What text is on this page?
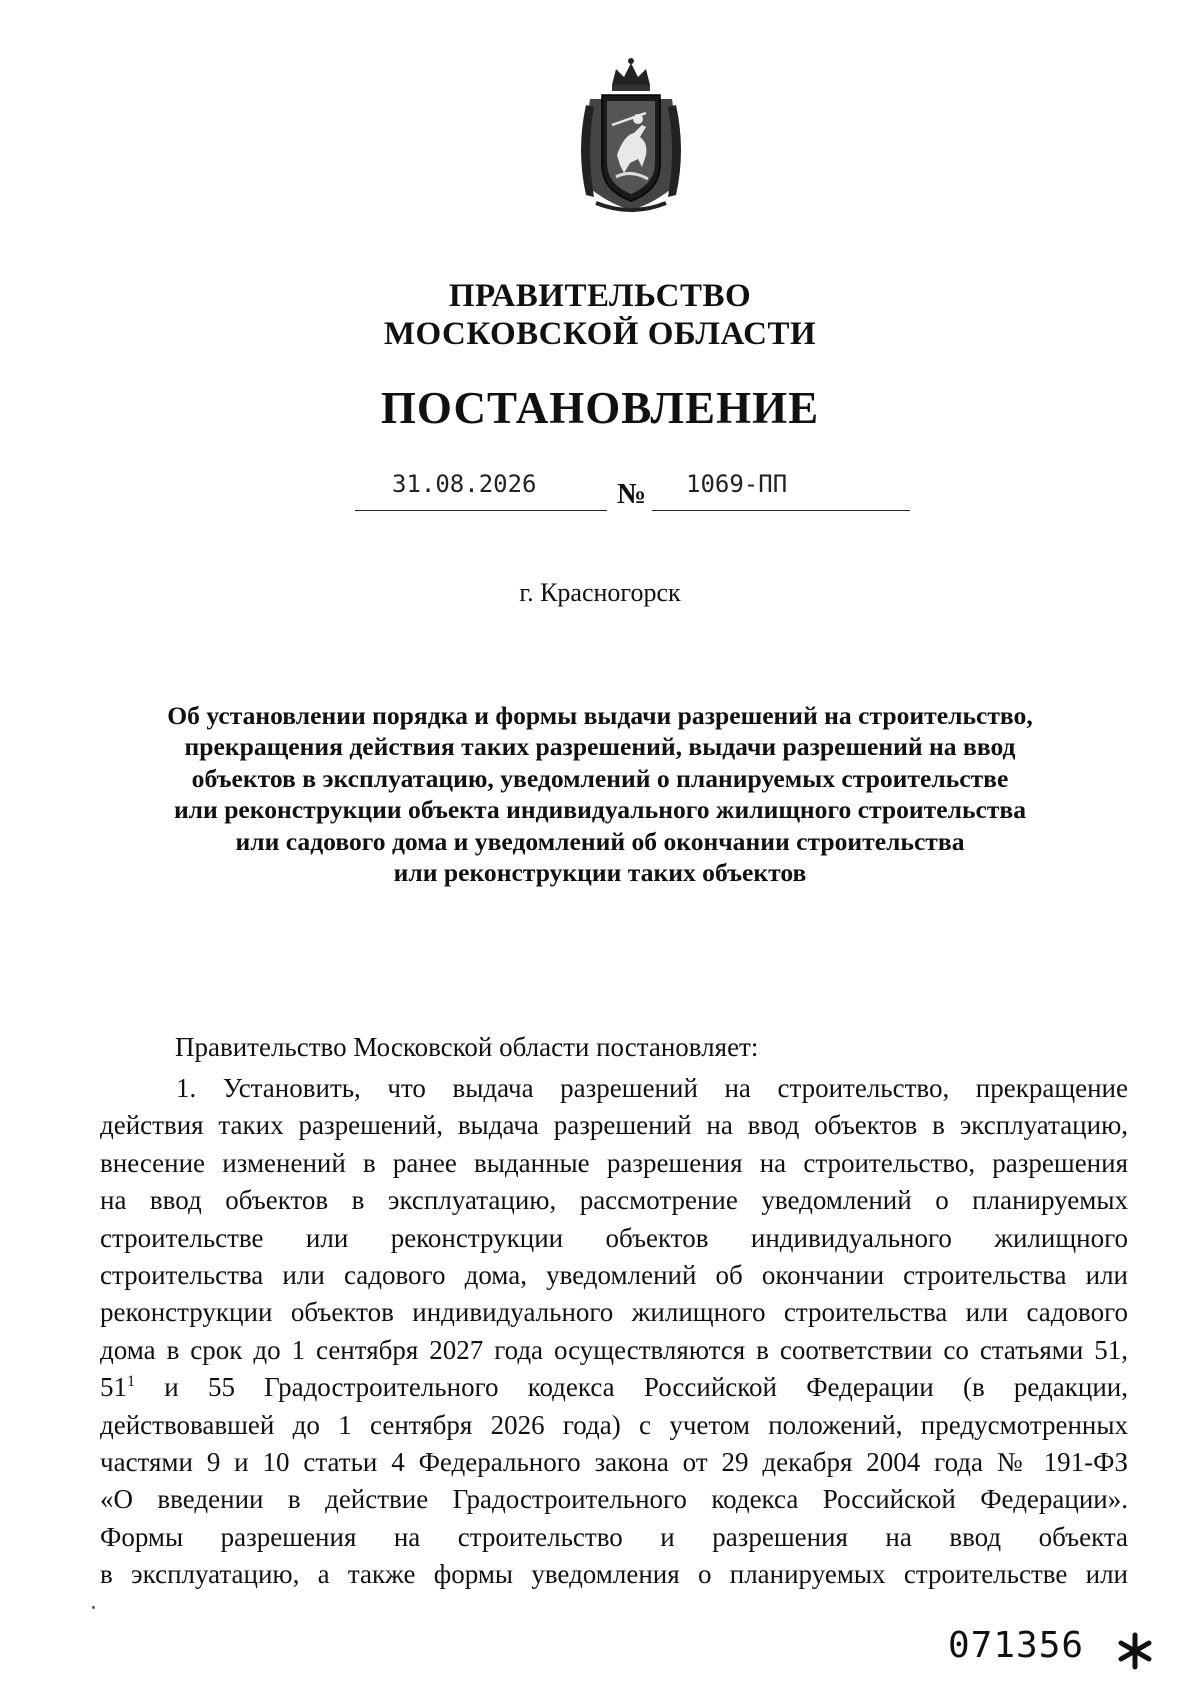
ПРАВИТЕЛЬСТВО
МОСКОВСКОЙ ОБЛАСТИ
ПОСТАНОВЛЕНИЕ
31.08.2026	№ 1069-ПП
г. Красногорск
Об установлении порядка и формы выдачи разрешений на строительство,
прекращения действия таких разрешений, выдачи разрешений на ввод
объектов в эксплуатацию, уведомлений о планируемых строительстве
или реконструкции объекта индивидуального жилищного строительства
или садового дома и уведомлений об окончании строительства
или реконструкции таких объектов
Правительство Московской области постановляет:
1. Установить, что выдача разрешений на строительство, прекращение
действия таких разрешений, выдача разрешений на ввод объектов в эксплуатацию,
внесение изменений в ранее выданные разрешения на строительство, разрешения
на ввод объектов в эксплуатацию, рассмотрение уведомлений о планируемых
строительстве или реконструкции объектов индивидуального жилищного
строительства или садового дома, уведомлений об окончании строительства или
реконструкции объектов индивидуального жилищного строительства или садового
дома в срок до 1 сентября 2027 года осуществляются в соответствии со статьями 51,
$51^1$ и 55 Градостроительного кодекса Российской Федерации (в редакции,
действовавшей до 1 сентября 2026 года) с учетом положений, предусмотренных
частями 9 и 10 статьи 4 Федерального закона от 29 декабря 2004 года № 191-ФЗ
«О введении в действие Градостроительного кодекса Российской Федерации».
Формы разрешения на строительство и разрешения на ввод объекта
в эксплуатацию, а также формы уведомления о планируемых строительстве или
071356
